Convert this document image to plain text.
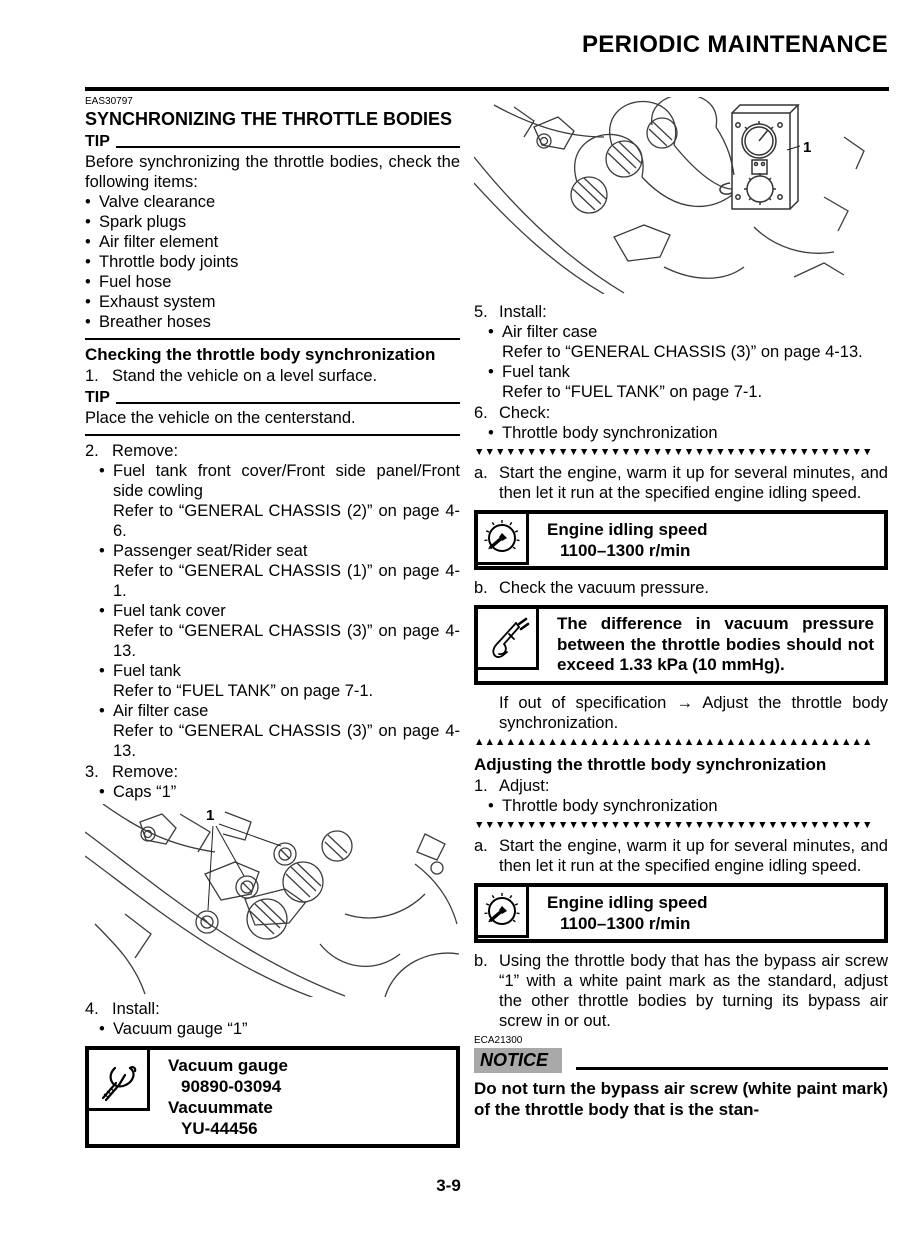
PERIODIC MAINTENANCE
EAS30797
SYNCHRONIZING THE THROTTLE BODIES
TIP

Before synchronizing the throttle bodies, check the following items:

• Valve clearance
• Spark plugs
• Air filter element
• Throttle body joints
• Fuel hose
• Exhaust system
• Breather hoses
Checking the throttle body synchronization
1. Stand the vehicle on a level surface.
TIP

Place the vehicle on the centerstand.

2. Remove:
• Fuel tank front cover/Front side panel/Front side cowling

Refer to “GENERAL CHASSIS (2)” on page 4-6.

• Passenger seat/Rider seat

Refer to “GENERAL CHASSIS (1)” on page 4-1.

• Fuel tank cover

Refer to “GENERAL CHASSIS (3)” on page 4-13.

• Fuel tank

Refer to “FUEL TANK” on page 7-1.

• Air filter case

Refer to “GENERAL CHASSIS (3)” on page 4-13.

3. Remove:
• Caps “1”
1
4. Install:
• Vacuum gauge “1”
Vacuum gauge
90890-03094
Vacuummate
YU-44456
1
5. Install:
• Air filter case

Refer to “GENERAL CHASSIS (3)” on page 4-13.

• Fuel tank

Refer to “FUEL TANK” on page 7-1.

6. Check:
• Throttle body synchronization
▼▼▼▼▼▼▼▼▼▼▼▼▼▼▼▼▼▼▼▼▼▼▼▼▼▼▼▼▼▼▼▼▼▼▼▼▼▼
a. Start the engine, warm it up for several minutes, and then let it run at the specified engine idling speed.
Engine idling speed
1100–1300 r/min
b. Check the vacuum pressure.
The difference in vacuum pressure between the throttle bodies should not exceed 1.33 kPa (10 mmHg).

If out of specification → Adjust the throttle body synchronization.

▲▲▲▲▲▲▲▲▲▲▲▲▲▲▲▲▲▲▲▲▲▲▲▲▲▲▲▲▲▲▲▲▲▲▲▲▲▲
Adjusting the throttle body synchronization
1. Adjust:
• Throttle body synchronization
▼▼▼▼▼▼▼▼▼▼▼▼▼▼▼▼▼▼▼▼▼▼▼▼▼▼▼▼▼▼▼▼▼▼▼▼▼▼
a. Start the engine, warm it up for several minutes, and then let it run at the specified engine idling speed.
Engine idling speed
1100–1300 r/min
b. Using the throttle body that has the bypass air screw “1” with a white paint mark as the standard, adjust the other throttle bodies by turning its bypass air screw in or out.
ECA21300
NOTICE

Do not turn the bypass air screw (white paint mark) of the throttle body that is the stan-

3-9
